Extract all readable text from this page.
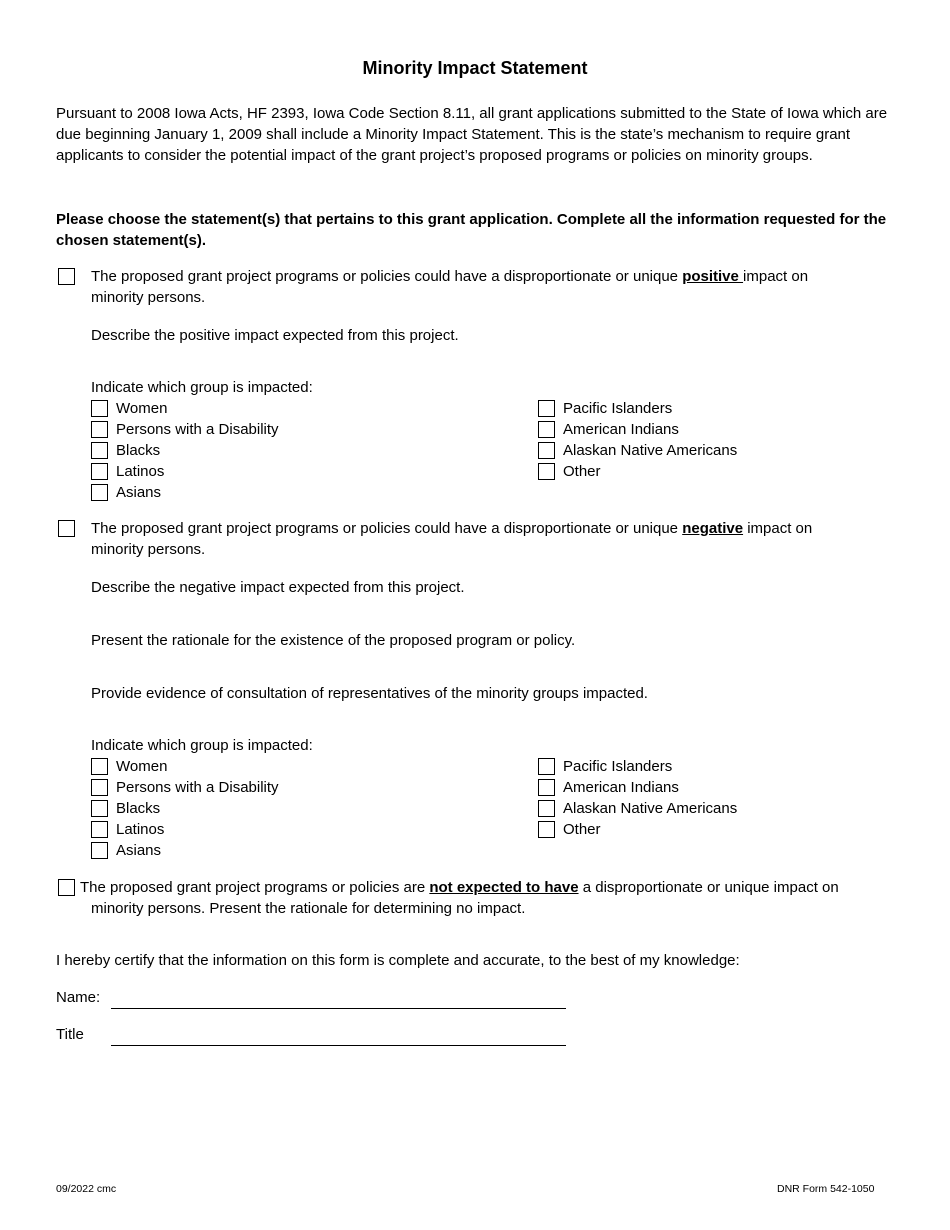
Minority Impact Statement
Pursuant to 2008 Iowa Acts, HF 2393, Iowa Code Section 8.11, all grant applications submitted to the State of Iowa which are due beginning January 1, 2009 shall include a Minority Impact Statement. This is the state’s mechanism to require grant applicants to consider the potential impact of the grant project’s proposed programs or policies on minority groups.
Please choose the statement(s) that pertains to this grant application. Complete all the information requested for the chosen statement(s).
The proposed grant project programs or policies could have a disproportionate or unique positive impact on
minority persons.
Describe the positive impact expected from this project.
Indicate which group is impacted:
Women
Persons with a Disability
Blacks
Latinos
Asians
Pacific Islanders
American Indians
Alaskan Native Americans
Other
The proposed grant project programs or policies could have a disproportionate or unique negative impact on
minority persons.
Describe the negative impact expected from this project.
Present the rationale for the existence of the proposed program or policy.
Provide evidence of consultation of representatives of the minority groups impacted.
Indicate which group is impacted:
Women
Persons with a Disability
Blacks
Latinos
Asians
Pacific Islanders
American Indians
Alaskan Native Americans
Other
The proposed grant project programs or policies are not expected to have a disproportionate or unique impact on
minority persons. Present the rationale for determining no impact.
I hereby certify that the information on this form is complete and accurate, to the best of my knowledge:
Name:
Title
09/2022 cmc	DNR Form 542-1050
